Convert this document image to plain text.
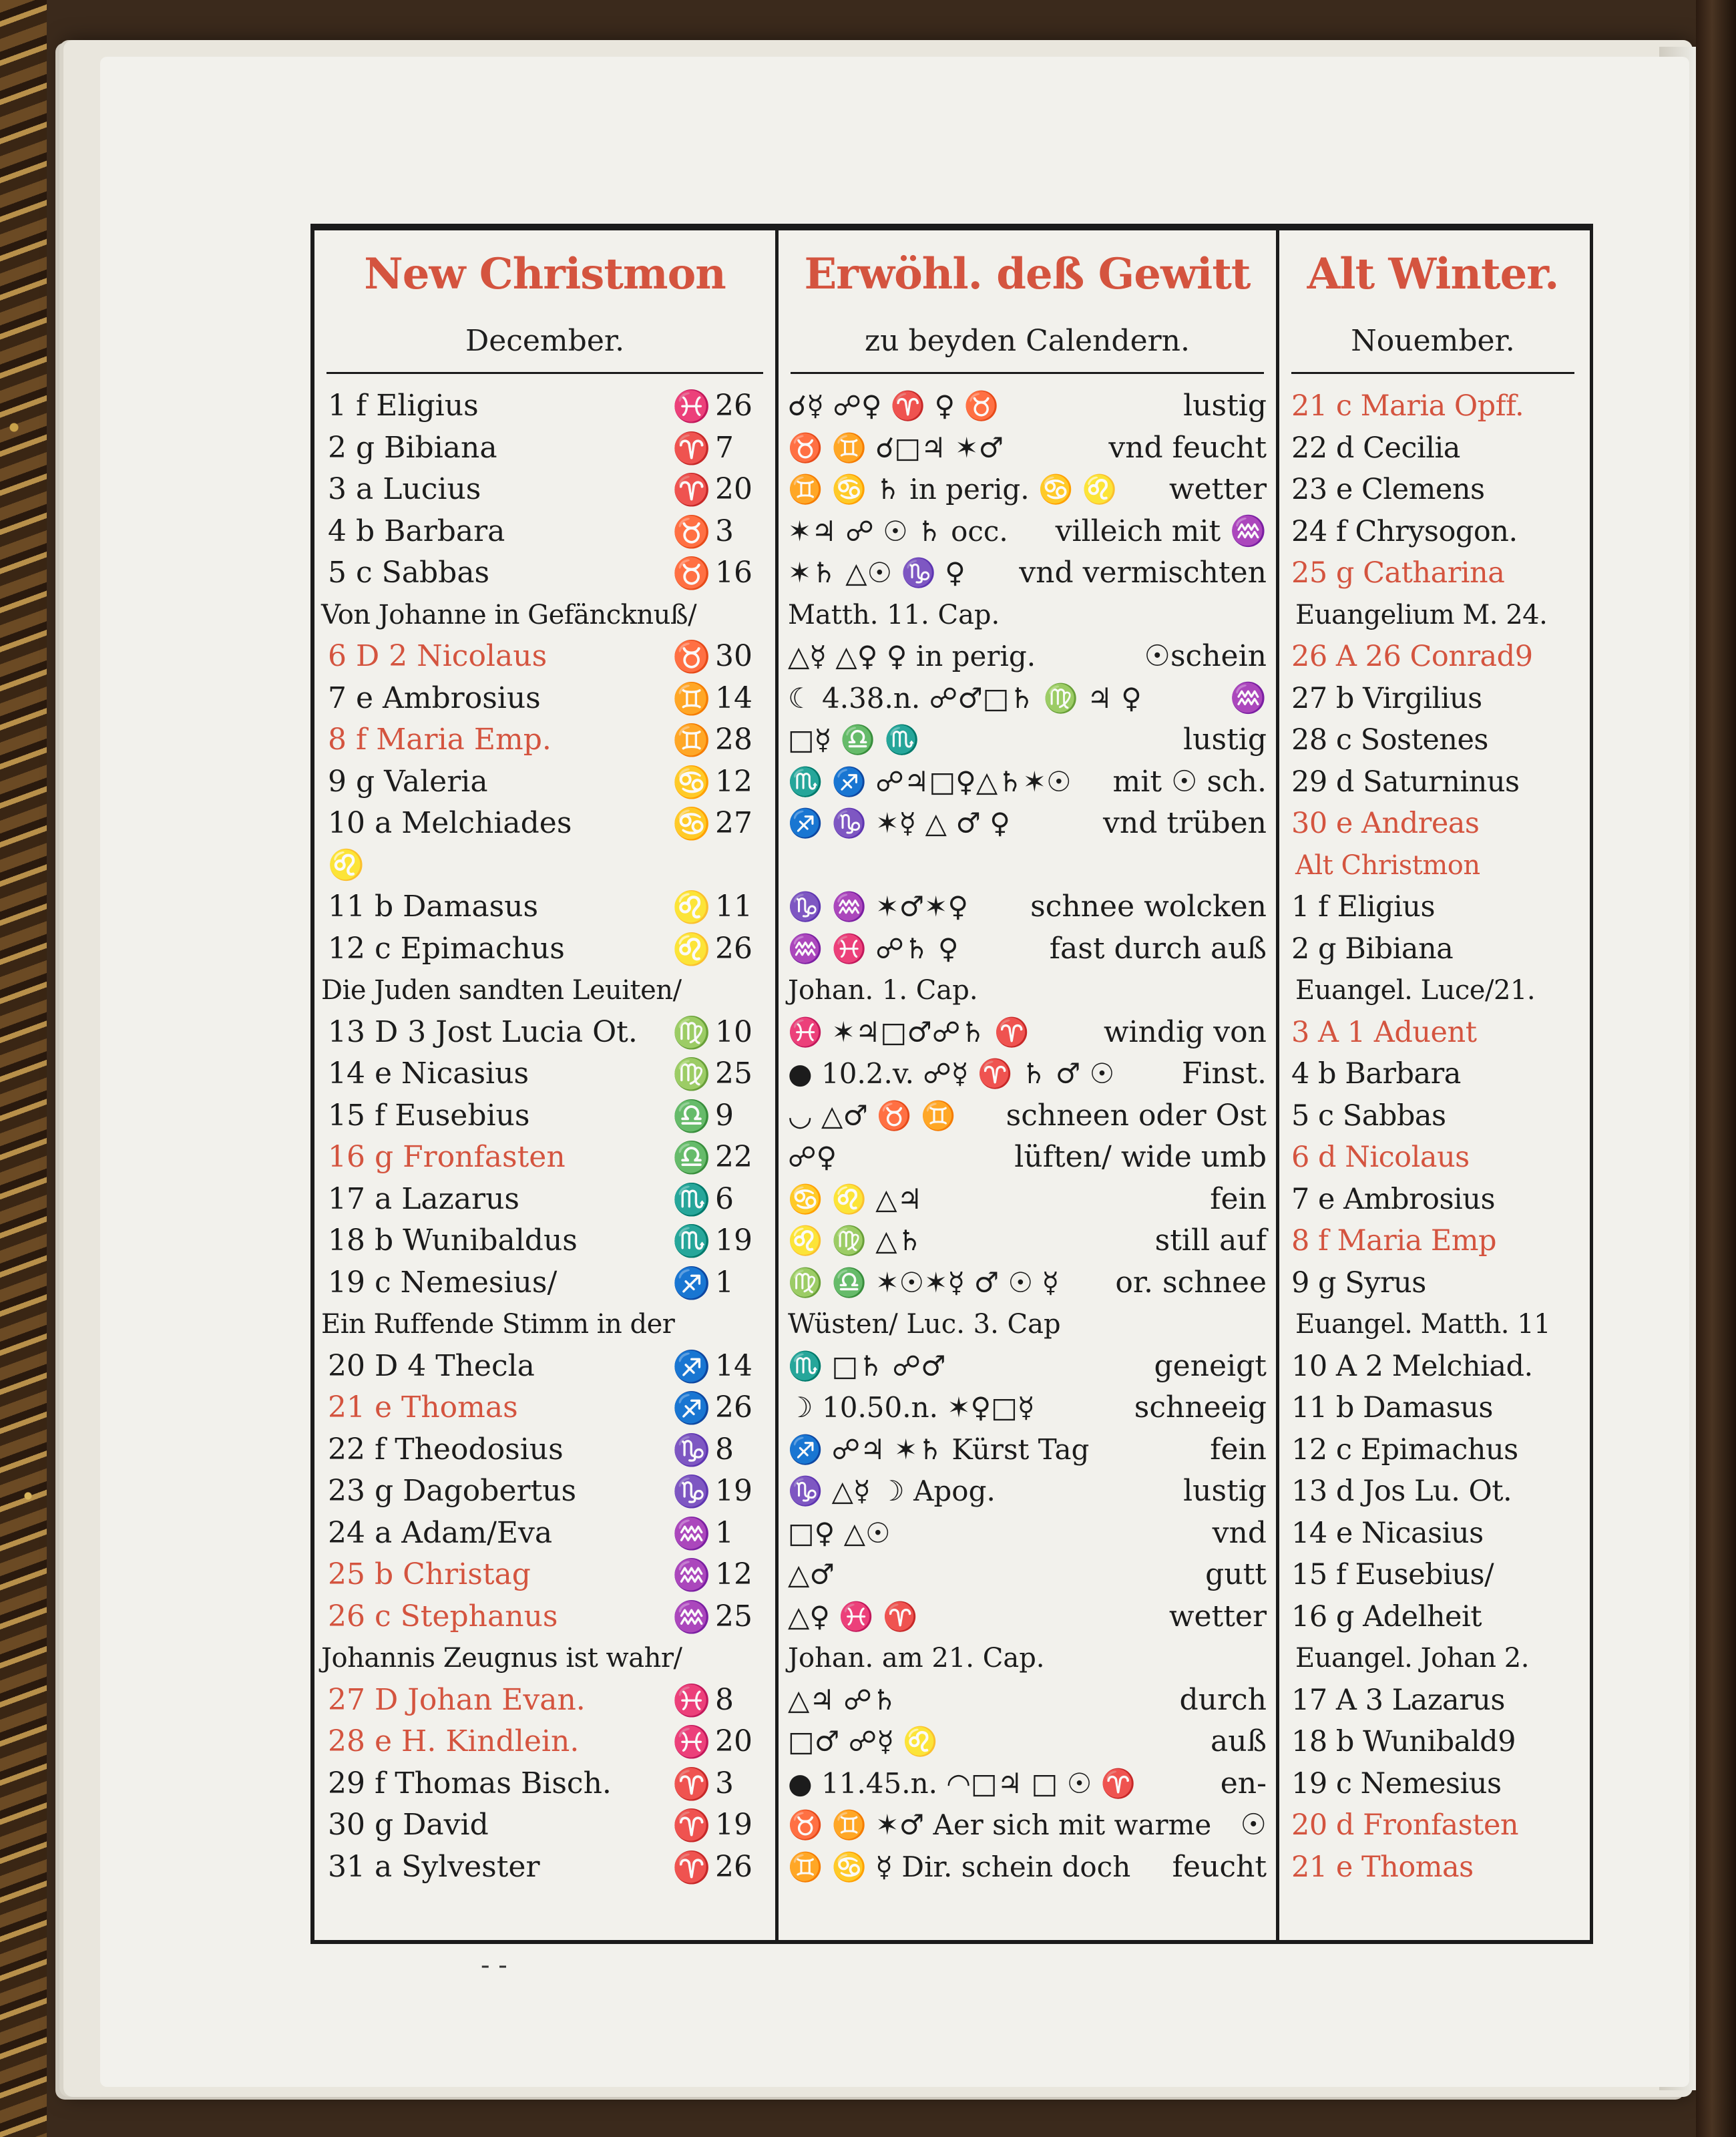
New Christmon
December.
1 f Eligius	♓ 26
2 g Bibiana	♈ 7
3 a Lucius	♈ 20
4 b Barbara	♉ 3
5 c Sabbas	♉ 16
Von Johanne in Gefäncknuß/
6 D 2 Nicolaus	♉ 30
7 e Ambrosius	♊ 14
8 f Maria Emp.	♊ 28
9 g Valeria	♋ 12
10 a Melchiades	♋ 27
♌
11 b Damasus	♌ 11
12 c Epimachus	♌ 26
Die Juden sandten Leuiten/
13 D 3 Jost Lucia Ot. ♍ 10
14 e Nicasius	♍ 25
15 f Eusebius	♎ 9
16 g Fronfasten	♎ 22
17 a Lazarus	♏ 6
18 b Wunibaldus	♏ 19
19 c Nemesius/	♐ 1
Ein Ruffende Stimm in der
20 D 4 Thecla	♐ 14
21 e Thomas	♐ 26
22 f Theodosius	♑ 8
23 g Dagobertus	♑ 19
24 a Adam/Eva	♒ 1
25 b Christag	♒ 12
26 c Stephanus	♒ 25
Johannis Zeugnus ist wahr/
27 D Johan Evan.	♓ 8
28 e H. Kindlein.	♓ 20
29 f Thomas Bisch. ♈ 3
30 g David	♈ 19
31 a Sylvester	♈ 26
Erwöhl. deß Gewitt
zu beyden Calendern.
☌☿ ☍♀ ♈ ♀ ♉	lustig
♉ ♊ ☌□♃ ✶♂	vnd feucht
♊ ♋ ♄ in perig. ♋ ♌ wetter
✶♃ ☍ ☉ ♄ occ. villeich mit ♒
✶♄ △☉ ♑ ♀ vnd vermischten
Matth. 11. Cap.
△☿ △♀ ♀ in perig.	☉schein
☾ 4.38.n. ☍♂□♄ ♍ ♃ ♀	♒
□☿ ♎ ♏	lustig
♏ ♐ ☍♃□♀△♄✶☉ mit ☉ sch.
♐ ♑ ✶☿ △ ♂ ♀	vnd trüben
♑ ♒ ✶♂✶♀ schnee wolcken
♒ ♓ ☍♄ ♀	fast durch auß
Johan. 1. Cap.
♓ ✶♃□♂☍♄ ♈	windig von
● 10.2.v. ☍☿ ♈ ♄ ♂ ☉ Finst.
◡ △♂ ♉ ♊ schneen oder Ost
☍♀	lüften/ wide umb
♋ ♌ △♃	fein
♌ ♍ △♄	still auf
♍ ♎ ✶☉✶☿ ♂ ☉ ☿ or. schnee
Wüsten/ Luc. 3. Cap
♏ □♄ ☍♂	geneigt
☽ 10.50.n. ✶♀□☿	schneeig
♐ ☍♃ ✶♄ Kürst Tag	fein
♑ △☿ ☽ Apog.	lustig
□♀ △☉	vnd
△♂	gutt
△♀ ♓ ♈	wetter
Johan. am 21. Cap.
△♃ ☍♄	durch
□♂ ☍☿ ♌	auß
● 11.45.n. ◠□♃ □ ☉ ♈	en-
♉ ♊ ✶♂ Aer sich mit warme ☉
♊ ♋ ☿ Dir. schein doch feucht
Alt Winter.
Nouember.
21 c Maria Opff.
22 d Cecilia
23 e Clemens
24 f Chrysogon.
25 g Catharina
Euangelium M. 24.
26 A 26 Conrad9
27 b Virgilius
28 c Sostenes
29 d Saturninus
30 e Andreas
Alt Christmon
1 f Eligius
2 g Bibiana
Euangel. Luce/21.
3 A 1 Aduent
4 b Barbara
5 c Sabbas
6 d Nicolaus
7 e Ambrosius
8 f Maria Emp
9 g Syrus
Euangel. Matth. 11
10 A 2 Melchiad.
11 b Damasus
12 c Epimachus
13 d Jos Lu. Ot.
14 e Nicasius
15 f Eusebius/
16 g Adelheit
Euangel. Johan 2.
17 A 3 Lazarus
18 b Wunibald9
19 c Nemesius
20 d Fronfasten
21 e Thomas
‑ ‑
